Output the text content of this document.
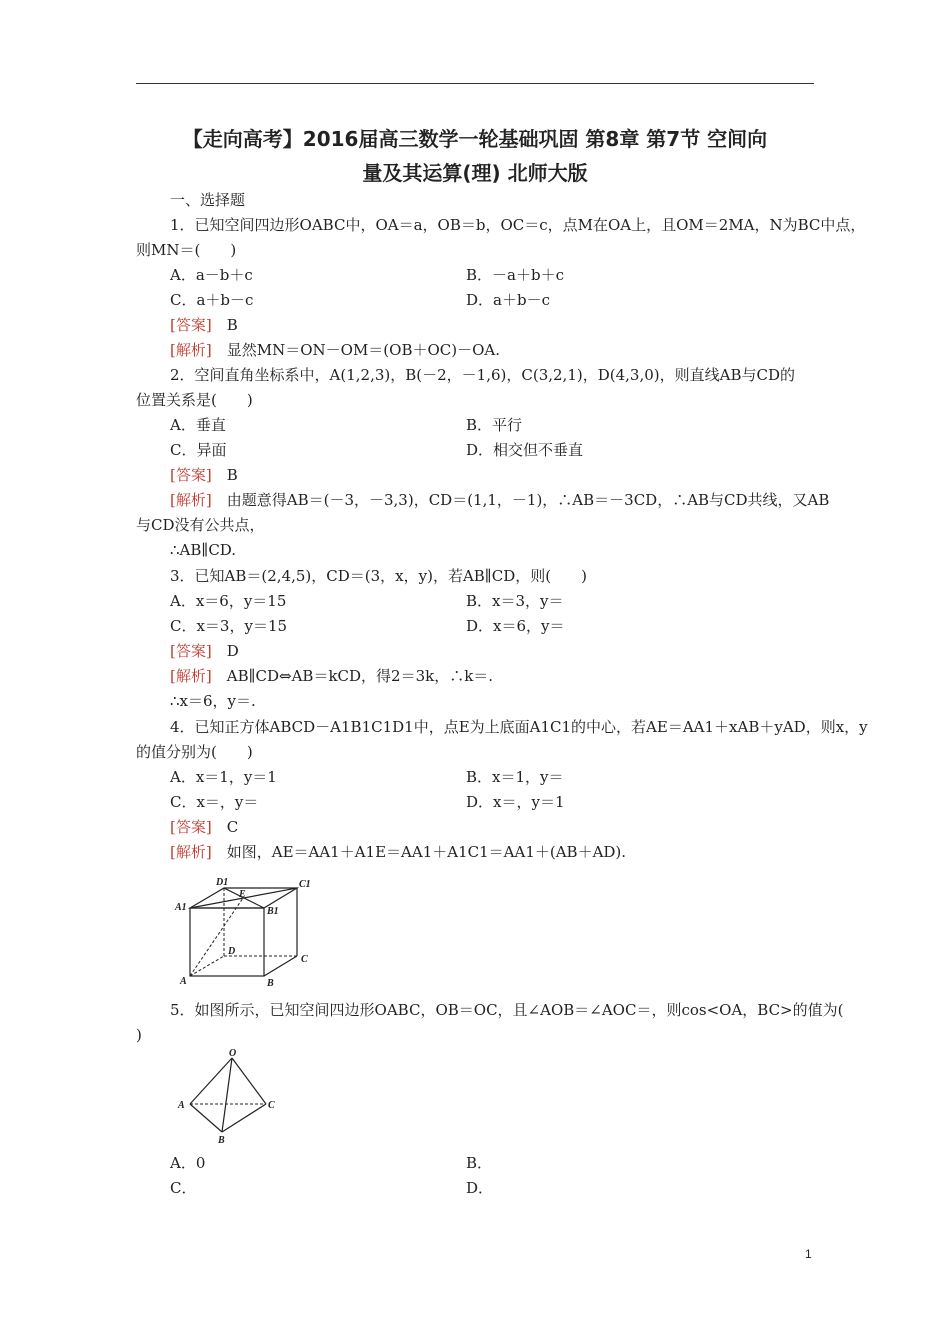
【走向高考】2016届高三数学一轮基础巩固 第8章 第7节 空间向
量及其运算(理) 北师大版
一、选择题
1．已知空间四边形OABC中，OA＝a，OB＝b，OC＝c，点M在OA上，且OM＝2MA，N为BC中点，
则MN＝(　　)
A．a－b＋c	B．－a＋b＋c
C．a＋b－c	D．a＋b－c
[答案]　 B
[解析]　 显然MN＝ON－OM＝(OB＋OC)－OA.
2．空间直角坐标系中，A(1,2,3)，B(－2，－1,6)，C(3,2,1)，D(4,3,0)，则直线AB与CD的
位置关系是(　　)
A．垂直	B．平行
C．异面	D．相交但不垂直
[答案]　 B
[解析]　 由题意得AB＝(－3，－3,3)，CD＝(1,1，－1)，∴AB＝－3CD，∴AB与CD共线，又AB
与CD没有公共点，
∴AB∥CD.
3．已知AB＝(2,4,5)，CD＝(3，x，y)，若AB∥CD，则(　　)
A．x＝6，y＝15	B．x＝3，y＝
C．x＝3，y＝15	D．x＝6，y＝
[答案]　 D
[解析]　 AB∥CD⇔AB＝kCD，得2＝3k，∴k＝.
∴x＝6，y＝.
4．已知正方体ABCD－A1B1C1D1中，点E为上底面A1C1的中心，若AE＝AA1＋xAB＋yAD，则x，y
的值分别为(　　)
A．x＝1，y＝1	B．x＝1，y＝
C．x＝，y＝	D．x＝，y＝1
[答案]　 C
[解析]　 如图，AE＝AA1＋A1E＝AA1＋A1C1＝AA1＋(AB＋AD).
D1	C1
A1	B1
E
D
C
A	B
5．如图所示，已知空间四边形OABC，OB＝OC，且∠AOB＝∠AOC＝，则cos<OA，BC>的值为(
)
O
A	C
B
A．0	B．
C．	D．
1
